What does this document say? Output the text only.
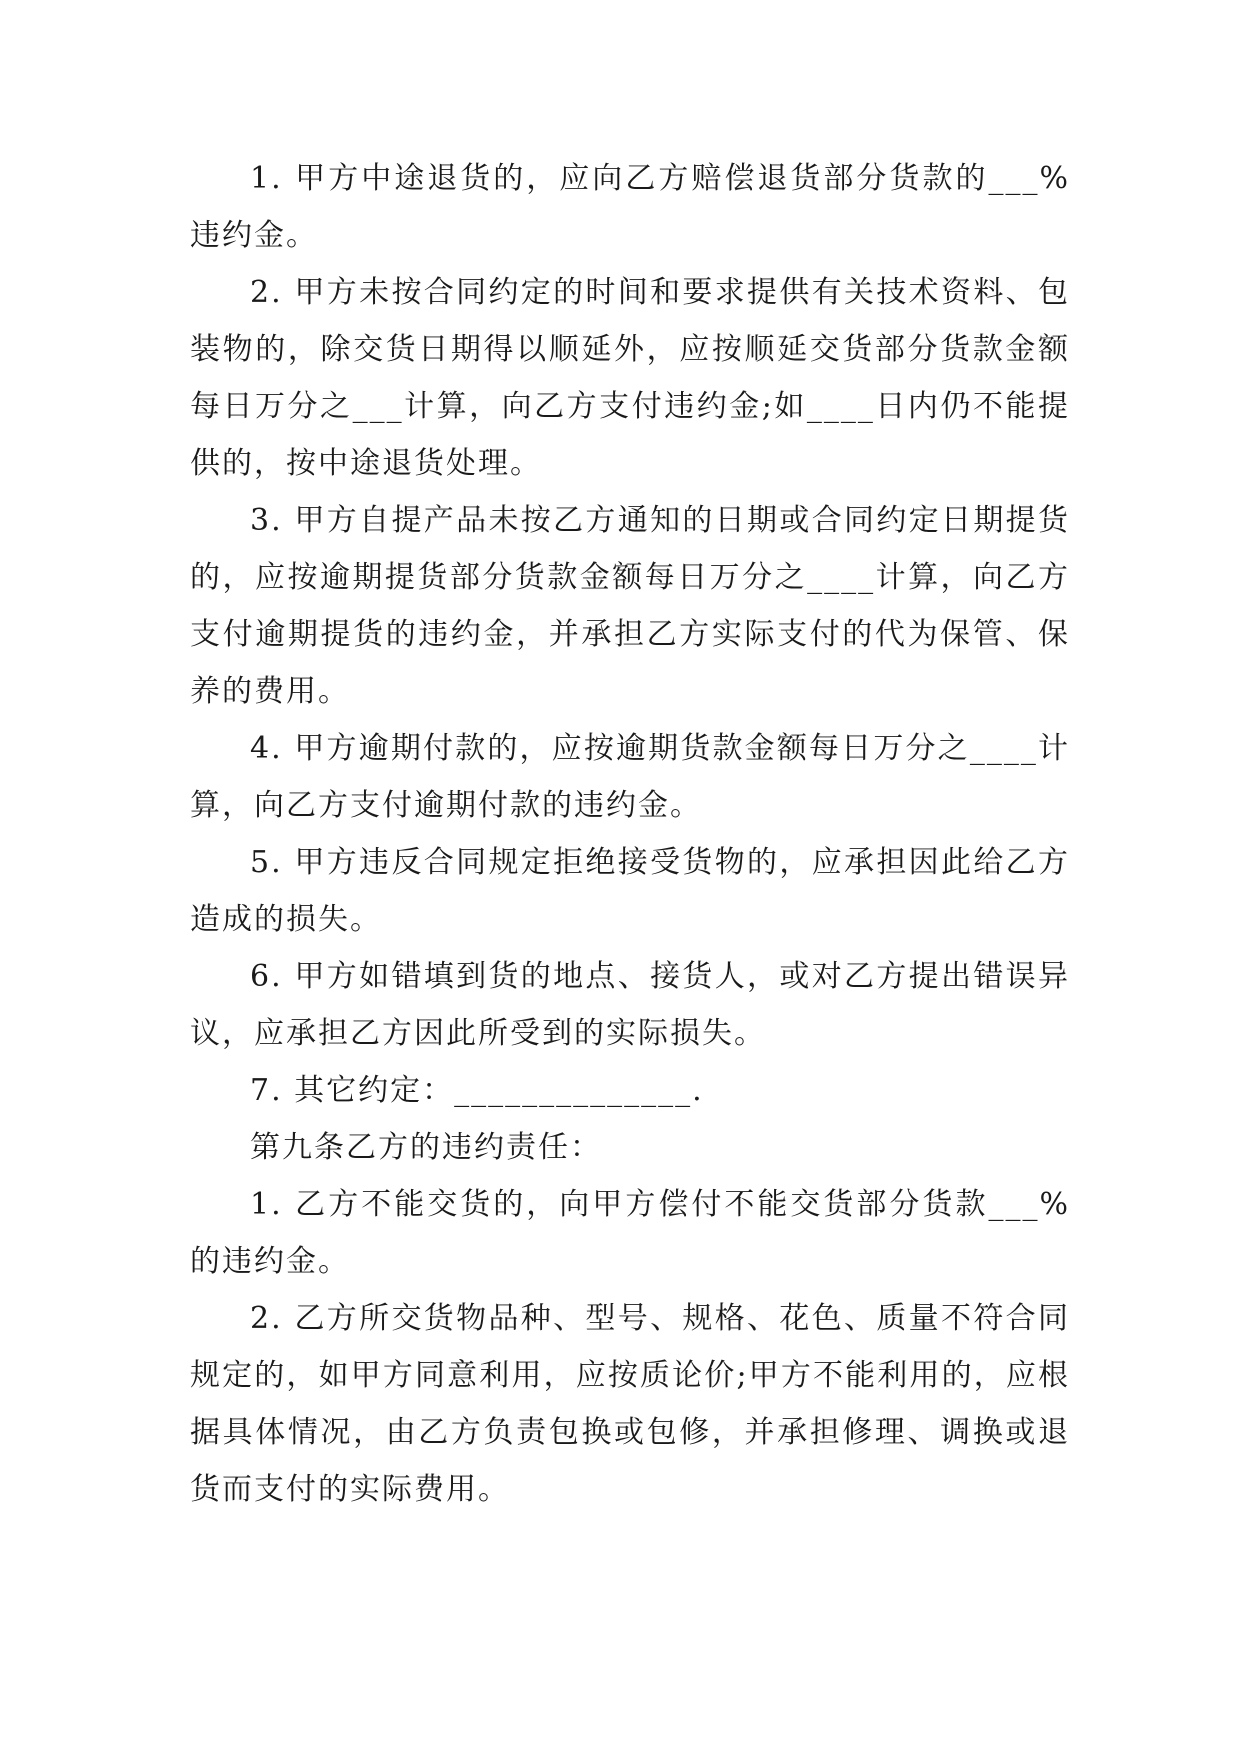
1. 甲方中途退货的，应向乙方赔偿退货部分货款的___%违约金。

2. 甲方未按合同约定的时间和要求提供有关技术资料、包装物的，除交货日期得以顺延外，应按顺延交货部分货款金额每日万分之___计算，向乙方支付违约金;如____日内仍不能提供的，按中途退货处理。

3. 甲方自提产品未按乙方通知的日期或合同约定日期提货的，应按逾期提货部分货款金额每日万分之____计算，向乙方支付逾期提货的违约金，并承担乙方实际支付的代为保管、保养的费用。

4. 甲方逾期付款的，应按逾期货款金额每日万分之____计算，向乙方支付逾期付款的违约金。

5. 甲方违反合同规定拒绝接受货物的，应承担因此给乙方造成的损失。

6. 甲方如错填到货的地点、接货人，或对乙方提出错误异议，应承担乙方因此所受到的实际损失。

7. 其它约定：______________.

第九条乙方的违约责任：

1. 乙方不能交货的，向甲方偿付不能交货部分货款___%的违约金。

2. 乙方所交货物品种、型号、规格、花色、质量不符合同规定的，如甲方同意利用，应按质论价;甲方不能利用的，应根据具体情况，由乙方负责包换或包修，并承担修理、调换或退货而支付的实际费用。
